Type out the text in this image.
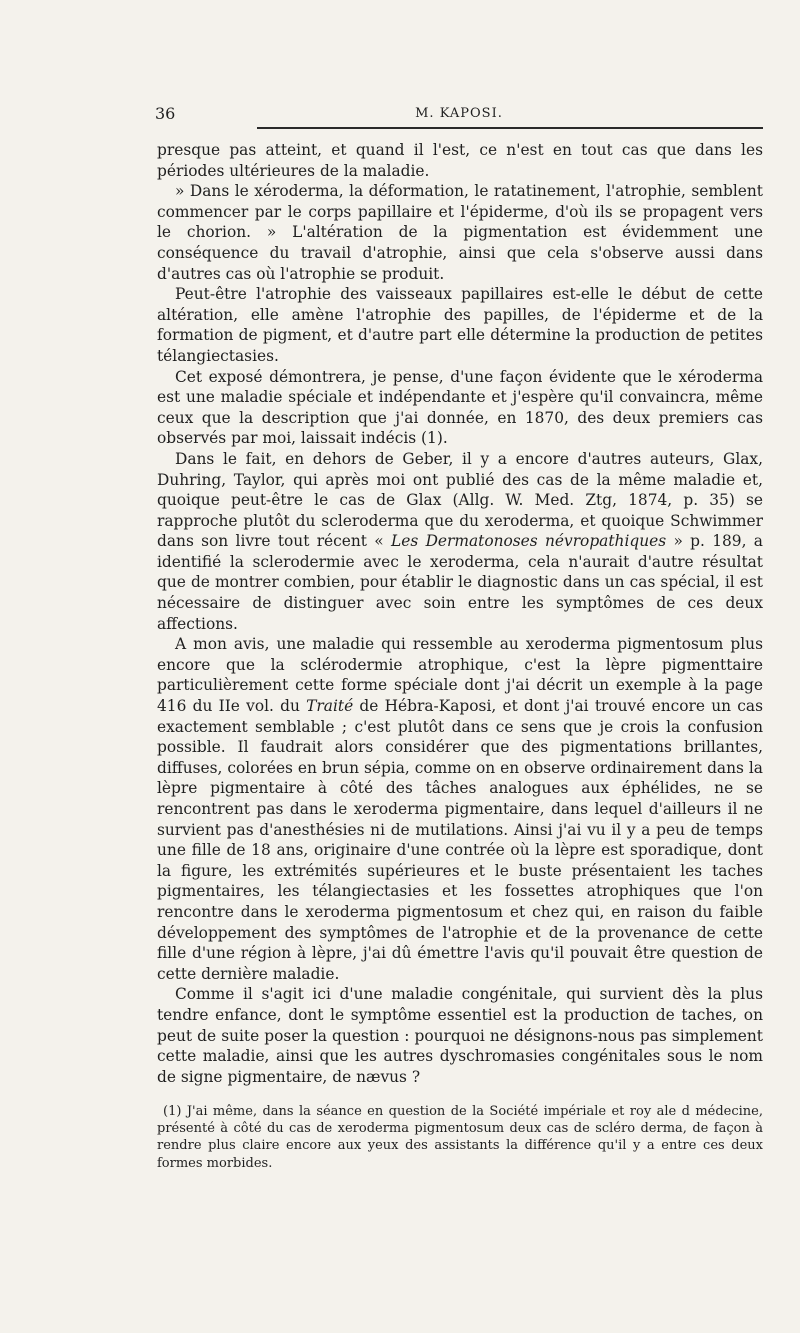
36	M. KAPOSI.

presque pas atteint, et quand il l'est, ce n'est en tout cas que dans les périodes ultérieures de la maladie.

» Dans le xéroderma, la déformation, le ratatinement, l'atrophie, semblent commencer par le corps papillaire et l'épiderme, d'où ils se propagent vers le chorion. » L'altération de la pigmentation est évidemment une conséquence du travail d'atrophie, ainsi que cela s'observe aussi dans d'autres cas où l'atrophie se produit.

Peut-être l'atrophie des vaisseaux papillaires est-elle le début de cette altération, elle amène l'atrophie des papilles, de l'épiderme et de la formation de pigment, et d'autre part elle détermine la production de petites télangiectasies.

Cet exposé démontrera, je pense, d'une façon évidente que le xéroderma est une maladie spéciale et indépendante et j'espère qu'il convaincra, même ceux que la description que j'ai donnée, en 1870, des deux premiers cas observés par moi, laissait indécis (1).

Dans le fait, en dehors de Geber, il y a encore d'autres auteurs, Glax, Duhring, Taylor, qui après moi ont publié des cas de la même maladie et, quoique peut-être le cas de Glax (Allg. W. Med. Ztg, 1874, p. 35) se rapproche plutôt du scleroderma que du xeroderma, et quoique Schwimmer dans son livre tout récent « Les Dermatonoses névropathiques » p. 189, a identifié la sclerodermie avec le xeroderma, cela n'aurait d'autre résultat que de montrer combien, pour établir le diagnostic dans un cas spécial, il est nécessaire de distinguer avec soin entre les symptômes de ces deux affections.

A mon avis, une maladie qui ressemble au xeroderma pigmentosum plus encore que la sclérodermie atrophique, c'est la lèpre pigmenttaire particulièrement cette forme spéciale dont j'ai décrit un exemple à la page 416 du IIe vol. du Traité de Hébra-Kaposi, et dont j'ai trouvé encore un cas exactement semblable ; c'est plutôt dans ce sens que je crois la confusion possible. Il faudrait alors considérer que des pigmentations brillantes, diffuses, colorées en brun sépia, comme on en observe ordinairement dans la lèpre pigmentaire à côté des tâches analogues aux éphélides, ne se rencontrent pas dans le xeroderma pigmentaire, dans lequel d'ailleurs il ne survient pas d'anesthésies ni de mutilations. Ainsi j'ai vu il y a peu de temps une fille de 18 ans, originaire d'une contrée où la lèpre est sporadique, dont la figure, les extrémités supérieures et le buste présentaient les taches pigmentaires, les télangiectasies et les fossettes atrophiques que l'on rencontre dans le xeroderma pigmentosum et chez qui, en raison du faible développement des symptômes de l'atrophie et de la provenance de cette fille d'une région à lèpre, j'ai dû émettre l'avis qu'il pouvait être question de cette dernière maladie.

Comme il s'agit ici d'une maladie congénitale, qui survient dès la plus tendre enfance, dont le symptôme essentiel est la production de taches, on peut de suite poser la question : pourquoi ne désignons-nous pas simplement cette maladie, ainsi que les autres dyschromasies congénitales sous le nom de signe pigmentaire, de nævus ?

(1) J'ai même, dans la séance en question de la Société impériale et roy ale d médecine, présenté à côté du cas de xeroderma pigmentosum deux cas de scléro derma, de façon à rendre plus claire encore aux yeux des assistants la différence qu'il y a entre ces deux formes morbides.
